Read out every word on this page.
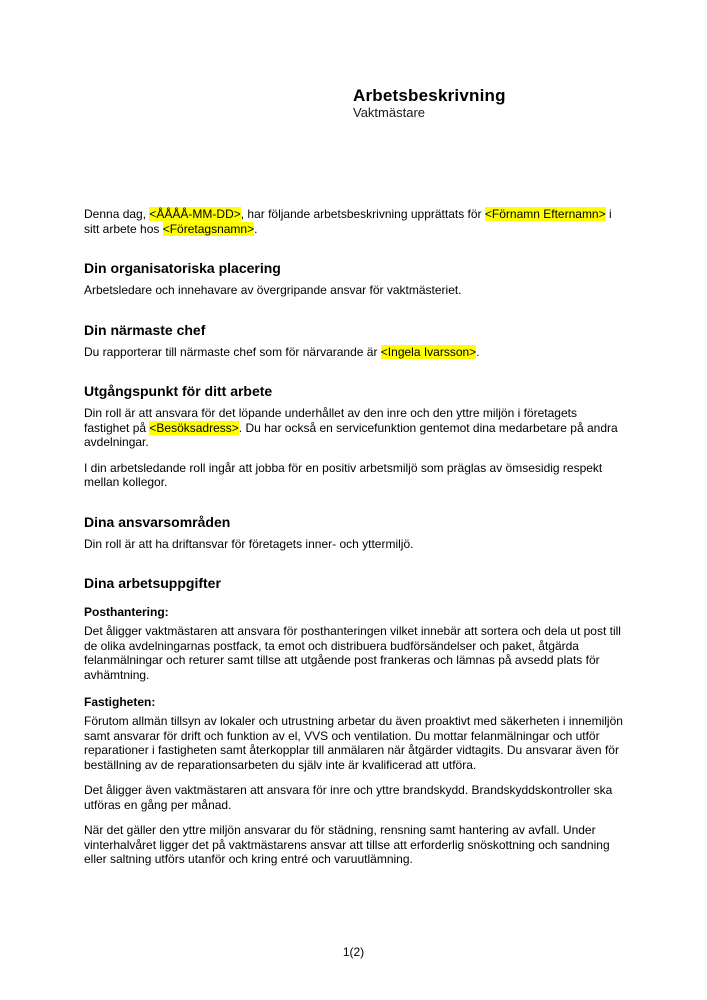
Arbetsbeskrivning
Vaktmästare

Denna dag, <ÅÅÅÅ-MM-DD>, har följande arbetsbeskrivning upprättats för <Förnamn Efternamn> i sitt arbete hos <Företagsnamn>.

Din organisatoriska placering

Arbetsledare och innehavare av övergripande ansvar för vaktmästeriet.

Din närmaste chef

Du rapporterar till närmaste chef som för närvarande är <Ingela Ivarsson>.

Utgångspunkt för ditt arbete

Din roll är att ansvara för det löpande underhållet av den inre och den yttre miljön i företagets fastighet på <Besöksadress>. Du har också en servicefunktion gentemot dina medarbetare på andra avdelningar.

I din arbetsledande roll ingår att jobba för en positiv arbetsmiljö som präglas av ömsesidig respekt mellan kollegor.

Dina ansvarsområden

Din roll är att ha driftansvar för företagets inner- och yttermiljö.

Dina arbetsuppgifter
Posthantering:

Det åligger vaktmästaren att ansvara för posthanteringen vilket innebär att sortera och dela ut post till de olika avdelningarnas postfack, ta emot och distribuera budförsändelser och paket, åtgärda felanmälningar och returer samt tillse att utgående post frankeras och lämnas på avsedd plats för avhämtning.

Fastigheten:

Förutom allmän tillsyn av lokaler och utrustning arbetar du även proaktivt med säkerheten i innemiljön samt ansvarar för drift och funktion av el, VVS och ventilation. Du mottar felanmälningar och utför reparationer i fastigheten samt återkopplar till anmälaren när åtgärder vidtagits. Du ansvarar även för beställning av de reparationsarbeten du själv inte är kvalificerad att utföra.

Det åligger även vaktmästaren att ansvara för inre och yttre brandskydd. Brandskyddskontroller ska utföras en gång per månad.

När det gäller den yttre miljön ansvarar du för städning, rensning samt hantering av avfall. Under vinterhalvåret ligger det på vaktmästarens ansvar att tillse att erforderlig snöskottning och sandning eller saltning utförs utanför och kring entré och varuutlämning.

1(2)
